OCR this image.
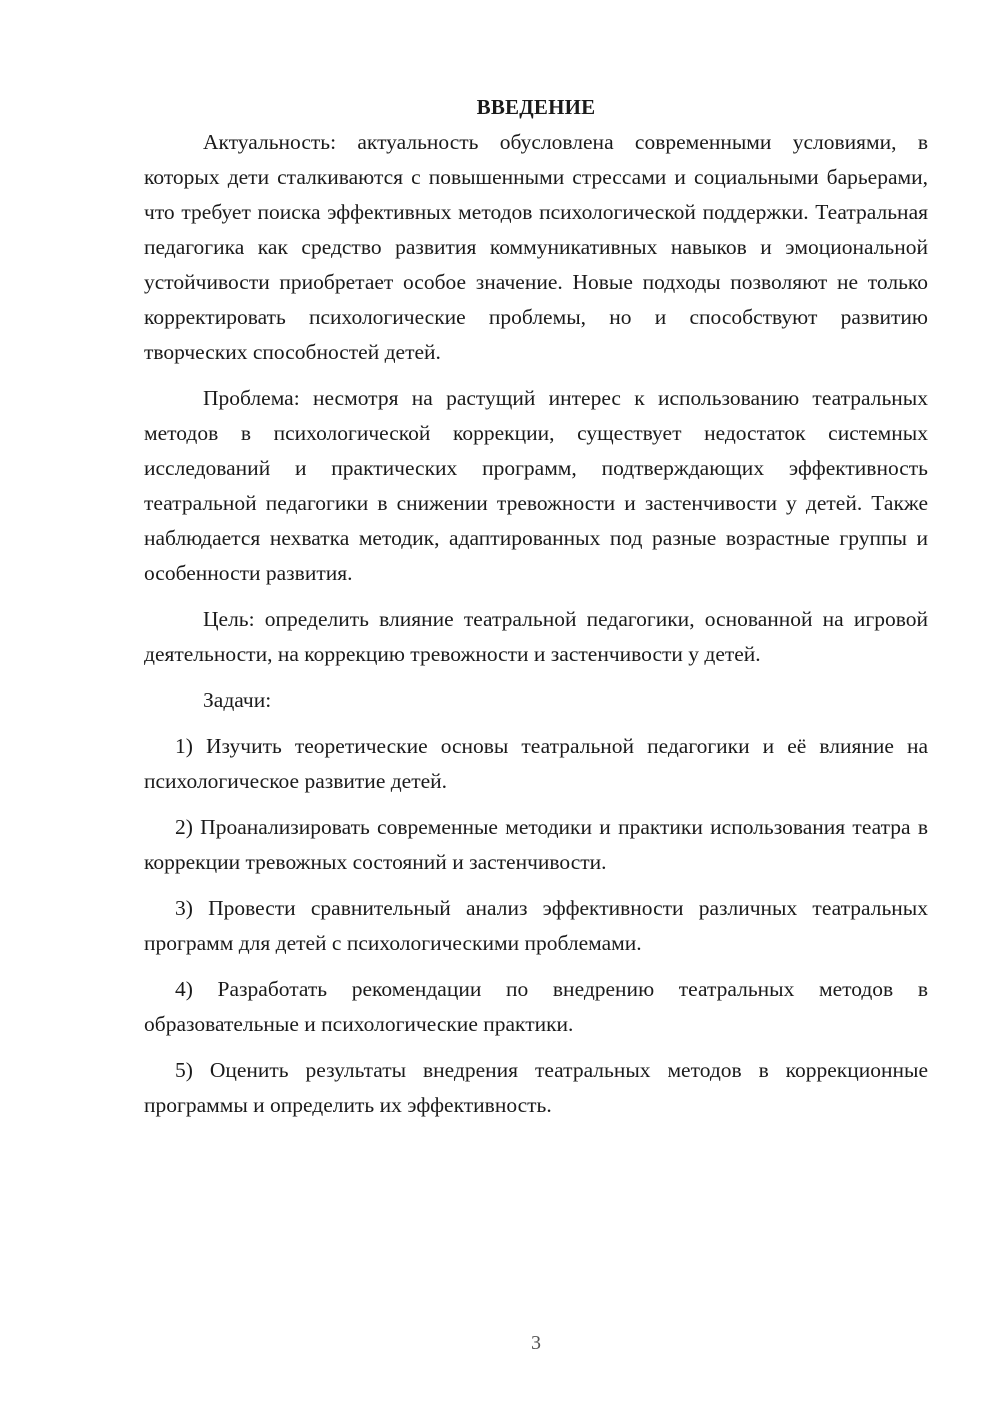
ВВЕДЕНИЕ

Актуальность: актуальность обусловлена современными условиями, в которых дети сталкиваются с повышенными стрессами и социальными барьерами, что требует поиска эффективных методов психологической поддержки. Театральная педагогика как средство развития коммуникативных навыков и эмоциональной устойчивости приобретает особое значение. Новые подходы позволяют не только корректировать психологические проблемы, но и способствуют развитию творческих способностей детей.

Проблема: несмотря на растущий интерес к использованию театральных методов в психологической коррекции, существует недостаток системных исследований и практических программ, подтверждающих эффективность театральной педагогики в снижении тревожности и застенчивости у детей. Также наблюдается нехватка методик, адаптированных под разные возрастные группы и особенности развития.

Цель: определить влияние театральной педагогики, основанной на игровой деятельности, на коррекцию тревожности и застенчивости у детей.

Задачи:

1) Изучить теоретические основы театральной педагогики и её влияние на психологическое развитие детей.

2) Проанализировать современные методики и практики использования театра в коррекции тревожных состояний и застенчивости.

3) Провести сравнительный анализ эффективности различных театральных программ для детей с психологическими проблемами.

4) Разработать рекомендации по внедрению театральных методов в образовательные и психологические практики.

5) Оценить результаты внедрения театральных методов в коррекционные программы и определить их эффективность.

3
